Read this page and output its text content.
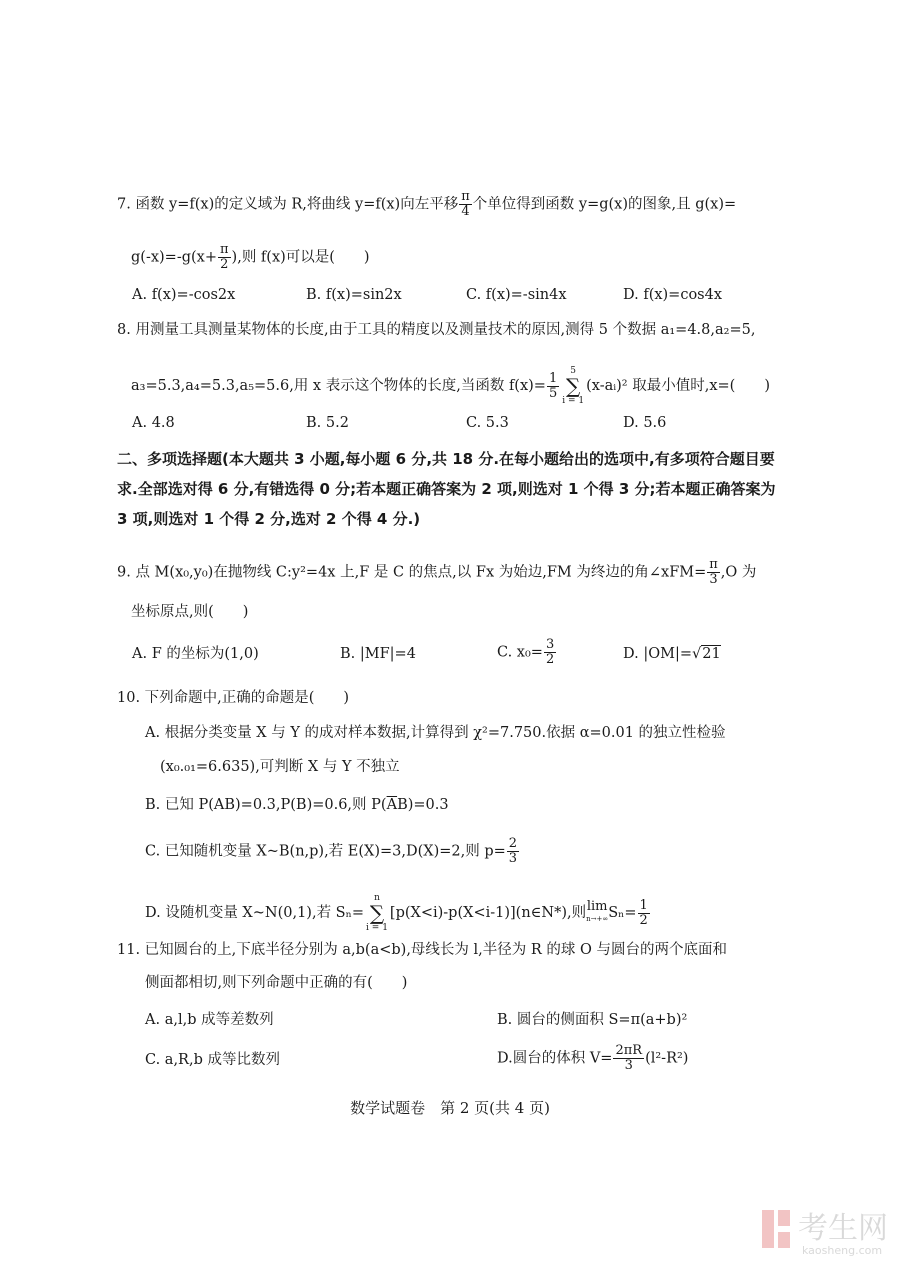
7. 函数 y=f(x)的定义域为 R,将曲线 y=f(x)向左平移 $\frac{\pi}{4}$ 个单位得到函数 y=g(x)的图象,且 g(x)=
$g(-x)=-g(x+ \frac{\pi}{2}$ ),则 f(x)可以是(　　)
A. f(x)=-cos2x	B. f(x)=sin2x	C. f(x)=-sin4x	D. f(x)=cos4x
8. 用测量工具测量某物体的长度,由于工具的精度以及测量技术的原因,测得 5 个数据 a₁=4.8,a₂=5,
a₃=5.3,a₄=5.3,a₅=5.6,用 x 表示这个物体的长度,当函数 $f(x)= \frac{1}{5}$
5
∑
i = 1(x-aᵢ)² 取最小值时,x=(　　)
A. 4.8	B. 5.2	C. 5.3	D. 5.6
二、多项选择题(本大题共 3 小题,每小题 6 分,共 18 分.在每小题给出的选项中,有多项符合题目要求.全部选对得 6 分,有错选得 0 分;若本题正确答案为 2 项,则选对 1 个得 3 分;若本题正确答案为 3 项,则选对 1 个得 2 分,选对 2 个得 4 分.)
9. 点 M(x₀,y₀)在抛物线 C:y²=4x 上,F 是 C 的焦点,以 Fx 为始边,FM 为终边的角∠xFM= $\frac{\pi}{3} ,O$ 为
坐标原点,则(　　)
A. F 的坐标为(1,0)	B. |MF|=4	C. $x_0= \frac{3}{2}$	D. |OM|=√21
10. 下列命题中,正确的命题是(　　)
A. 根据分类变量 X 与 Y 的成对样本数据,计算得到 χ²=7.750.依据 α=0.01 的独立性检验
(x₀.₀₁=6.635),可判断 X 与 Y 不独立
B. 已知 P(AB)=0.3,P(B)=0.6,则 $P(\overline{A}B)=0.3$
C. 已知随机变量 X~B(n,p),若 E(X)=3,D(X)=2,则 $p= \frac{2}{3}$
D. 设随机变量 X~N(0,1),若 Sₙ=n
∑
i = 1[p(X<i)-p(X<i-1)](n∈N*),则lim
n→+∞ $S_n= \frac{1}{2}$
11. 已知圆台的上,下底半径分别为 a,b(a<b),母线长为 l,半径为 R 的球 O 与圆台的两个底面和
侧面都相切,则下列命题中正确的有(　　)
A. a,l,b 成等差数列	B. 圆台的侧面积 S=π(a+b)²
C. a,R,b 成等比数列	D.圆台的体积 $V= \frac{2\pi R}{3} (l^2-R^2)$
数学试题卷　第 2 页(共 4 页)
考生网
kaosheng.com
